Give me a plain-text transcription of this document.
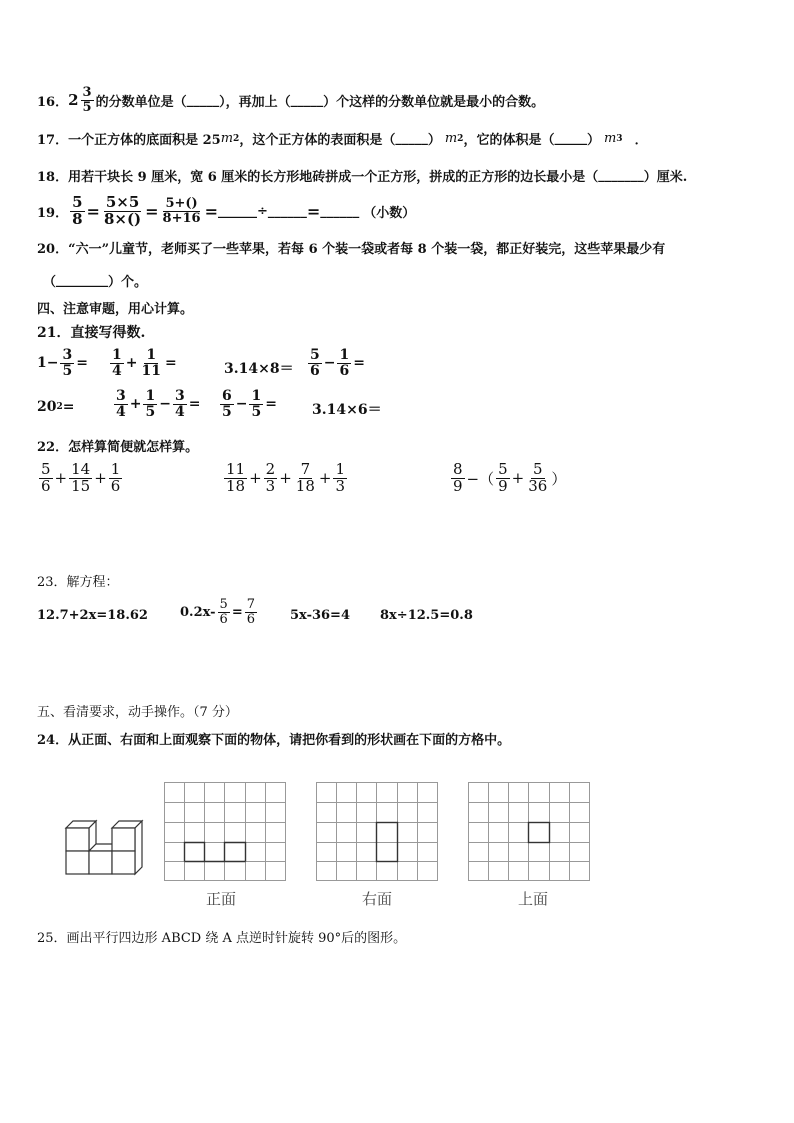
16． $2 \frac{3}{5}$ 的分数单位是（ _____ ），再加上（ _____ ）个这样的分数单位就是最小的合数。
17． 一个正方体的底面积是 25 m 2 ，这个正方体的表面积是（ _____ ） m 2 ，它的体积是（ _____ ） m 3 ．
18． 用若干块长 9 厘米，宽 6 厘米的长方形地砖拼成一个正方形，拼成的正方形的边长最小是（ _______ ）厘米.
19． $\frac{5}{8} = \frac{5\times 5}{8\times()} = \frac{5+()}{8+16}$ = ______ ÷ ______ = ______ （小数）
20． “六一”儿童节，老师买了一些苹果，若每 6 个装一袋或者每 8 个装一袋，都正好装完，这些苹果最少有
（ ________ ）个。
四、注意审题，用心计算。
21．直接写得数.
$1- \frac{3}{5} = \frac{1}{4} + \frac{1}{11}$ =	$3.14\times 8= \frac{5}{6} - \frac{1}{6}$ =
20 2 =	$\frac{3}{4} + \frac{1}{5} - \frac{3}{4} = \frac{6}{5} - \frac{1}{5}$ =	3.14×6＝
22．怎样算简便就怎样算。
$\frac{5}{6} + \frac{14}{15} + \frac{1}{6}$	$\frac{11}{18} + \frac{2}{3} + \frac{7}{18} + \frac{1}{3}$	$\frac{8}{9}$ −（ $\frac{5}{9} + \frac{5}{36}$ ）
23．解方程：
12.7+2x=18.62 $0.2x- \frac{5}{6} = \frac{7}{6}$	5x-36=4 8x÷12.5=0.8
五、看清要求，动手操作。（7 分）
24．从正面、右面和上面观察下面的物体，请把你看到的形状画在下面的方格中。
正面	右面	上面
25．画出平行四边形 ABCD 绕 A 点逆时针旋转 90°后的图形。
